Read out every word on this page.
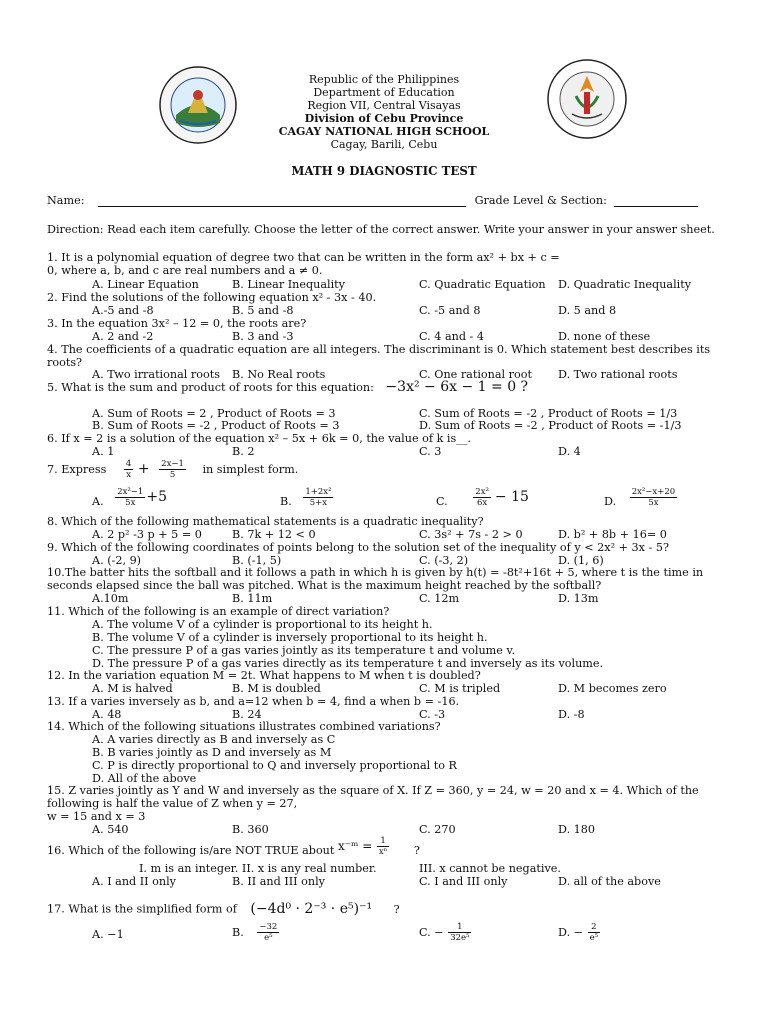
Republic of the Philippines
Department of Education
Region VII, Central Visayas
Division of Cebu Province
CAGAY NATIONAL HIGH SCHOOL
Cagay, Barili, Cebu
MATH 9 DIAGNOSTIC TEST
Name:	Grade Level & Section:
Direction: Read each item carefully. Choose the letter of the correct answer. Write your answer in your answer sheet.
1. It is a polynomial equation of degree two that can be written in the form ax² + bx + c = 0, where a, b, and c are real numbers and a ≠ 0.
A. Linear Equation	B. Linear Inequality	C. Quadratic Equation D. Quadratic Inequality
2. Find the solutions of the following equation x² - 3x - 40.
A.-5 and -8	B. 5 and -8	C. -5 and 8	D. 5 and 8
3. In the equation 3x² – 12 = 0, the roots are?
A. 2 and -2	B. 3 and -3	C. 4 and - 4	D. none of these
4. The coefficients of a quadratic equation are all integers. The discriminant is 0. Which statement best describes its roots?
A. Two irrational roots B. No Real roots	C. One rational root D. Two rational roots
5. What is the sum and product of roots for this equation: −3x² − 6x − 1 = 0 ?
A. Sum of Roots = 2 , Product of Roots = 3	C. Sum of Roots = -2 , Product of Roots = 1/3
B. Sum of Roots = -2 , Product of Roots = 3	D. Sum of Roots = -2 , Product of Roots = -1/3
6. If x = 2 is a solution of the equation x² – 5x + 6k = 0, the value of k is__.
A. 1	B. 2	C. 3	D. 4
7. Express $\frac{4}{x} + \frac{2x-1}{5}$ in simplest form.
A. $\frac{\text{2x²−1}}{5x} +5$	B. $\frac{\text{1+2x²}}{5+x}$	C.	$\frac{\text{2x²}}{6x} - 15$	D. $\frac{\text{2x²−x+20}}{5x}$
8. Which of the following mathematical statements is a quadratic inequality?
A. 2 p² -3 p + 5 = 0	B. 7k + 12 < 0	C. 3s² + 7s - 2 > 0	D. b² + 8b + 16= 0
9. Which of the following coordinates of points belong to the solution set of the inequality of y < 2x² + 3x - 5?
A. (-2, 9)	B. (-1, 5)	C. (-3, 2)	D. (1, 6)
10.The batter hits the softball and it follows a path in which h is given by h(t) = -8t²+16t + 5, where t is the time in seconds elapsed since the ball was pitched. What is the maximum height reached by the softball?
A.10m	B. 11m	C. 12m	D. 13m
11. Which of the following is an example of direct variation?
A. The volume V of a cylinder is proportional to its height h.
B. The volume V of a cylinder is inversely proportional to its height h.
C. The pressure P of a gas varies jointly as its temperature t and volume v.
D. The pressure P of a gas varies directly as its temperature t and inversely as its volume.
12. In the variation equation M = 2t. What happens to M when t is doubled?
A. M is halved	B. M is doubled	C. M is tripled	D. M becomes zero
13. If a varies inversely as b, and a=12 when b = 4, find a when b = -16.
A. 48	B. 24	C. -3	D. -8
14. Which of the following situations illustrates combined variations?
A. A varies directly as B and inversely as C
B. B varies jointly as D and inversely as M
C. P is directly proportional to Q and inversely proportional to R
D. All of the above
15. Z varies jointly as Y and W and inversely as the square of X. If Z = 360, y = 24, w = 20 and x = 4. Which of the following is half the value of Z when y = 27,
w = 15 and x = 3
A. 540	B. 360	C. 270	D. 180
16. Which of the following is/are NOT TRUE about x⁻ᵐ = $\frac{1}{\text{xⁿ}}$ ?
I. m is an integer. II. x is any real number.	III. x cannot be negative.
A. I and II only	B. II and III only	C. I and III only	D. all of the above
17. What is the simplified form of (−4d⁰ · 2⁻³ · e⁵)⁻¹ ?
A. −1	B. $\frac{-32}{\text{e⁵}}$	C. − $\frac{1}{\text{32e⁵}}$	D. − $\frac{2}{\text{e⁵}}$
